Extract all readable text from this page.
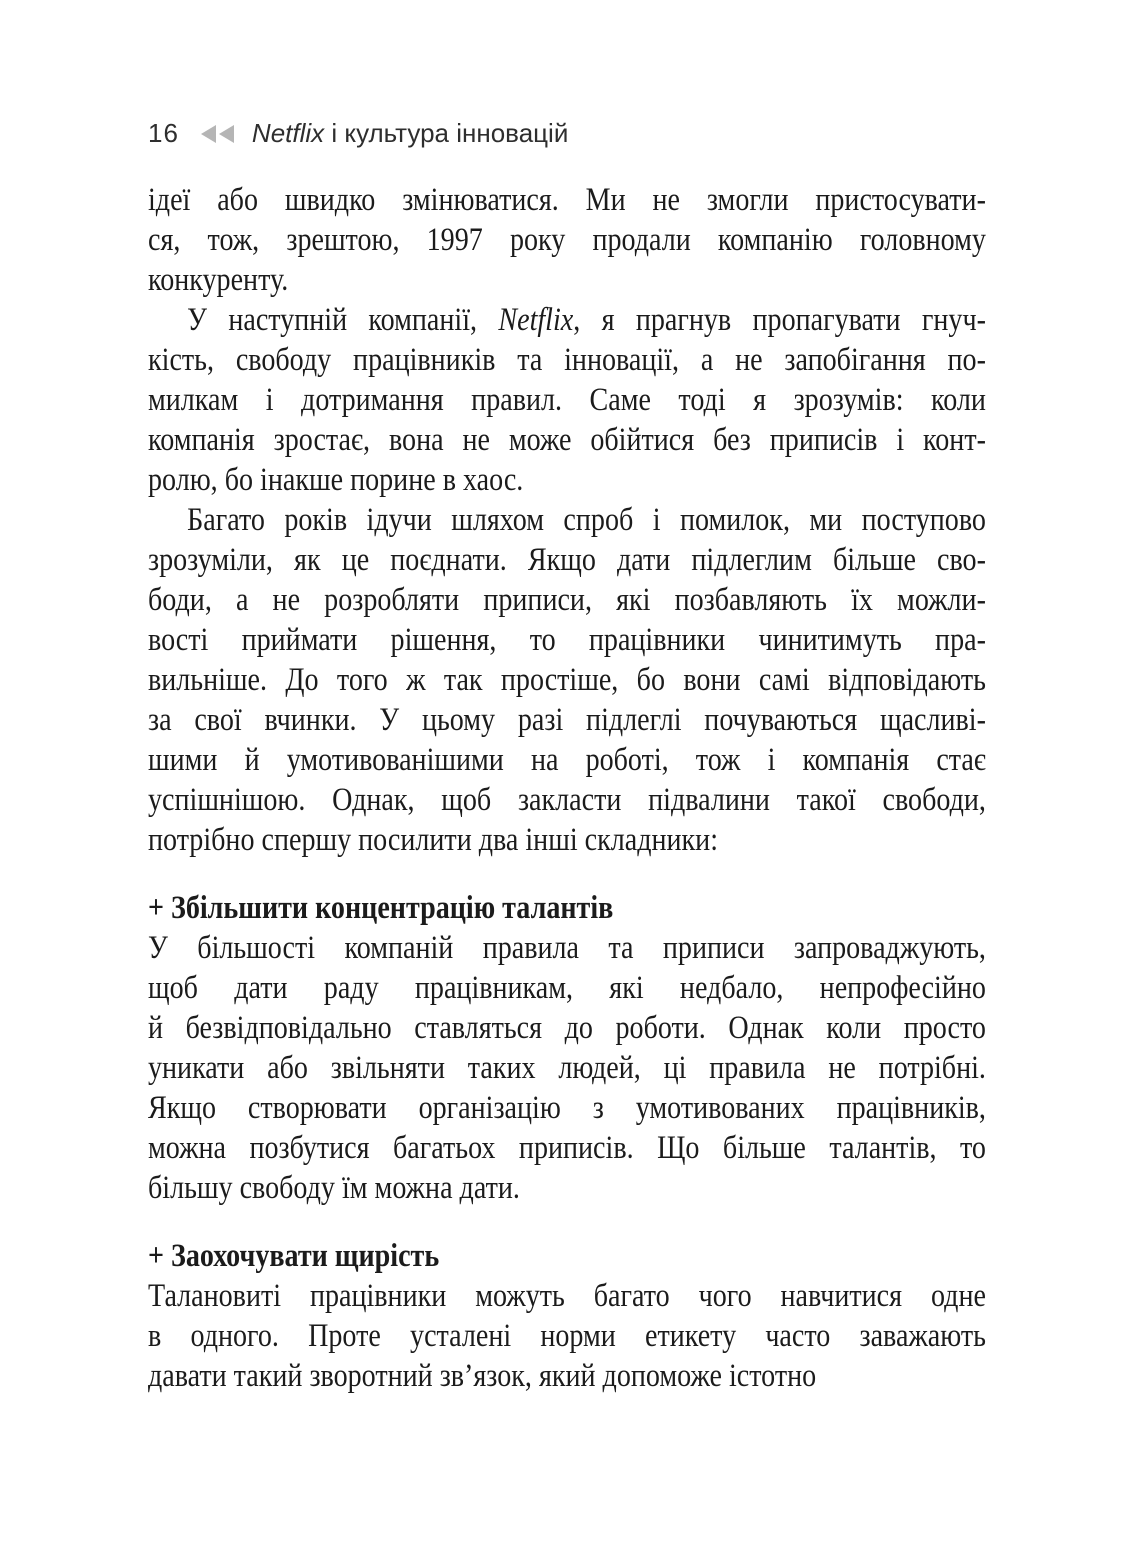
16	Netflix і культура інновацій
ідеї або швидко змінюватися. Ми не змогли пристосувати-
ся, тож, зрештою, 1997 року продали компанію головному
конкуренту.
У наступній компанії, Netflix, я прагнув пропагувати гнуч-
кість, свободу працівників та інновації, а не запобігання по-
милкам і дотримання правил. Саме тоді я зрозумів: коли
компанія зростає, вона не може обійтися без приписів і конт-
ролю, бо інакше порине в хаос.
Багато років ідучи шляхом спроб і помилок, ми поступово
зрозуміли, як це поєднати. Якщо дати підлеглим більше сво-
боди, а не розробляти приписи, які позбавляють їх можли-
вості приймати рішення, то працівники чинитимуть пра-
вильніше. До того ж так простіше, бо вони самі відповідають
за свої вчинки. У цьому разі підлеглі почуваються щасливі-
шими й умотивованішими на роботі, тож і компанія стає
успішнішою. Однак, щоб закласти підвалини такої свободи,
потрібно спершу посилити два інші складники:
+ Збільшити концентрацію талантів
У більшості компаній правила та приписи запроваджують,
щоб дати раду працівникам, які недбало, непрофесійно
й безвідповідально ставляться до роботи. Однак коли просто
уникати або звільняти таких людей, ці правила не потрібні.
Якщо створювати організацію з умотивованих працівників,
можна позбутися багатьох приписів. Що більше талантів, то
більшу свободу їм можна дати.
+ Заохочувати щирість
Талановиті працівники можуть багато чого навчитися одне
в одного. Проте усталені норми етикету часто заважають
давати такий зворотний зв’язок, який допоможе істотно
